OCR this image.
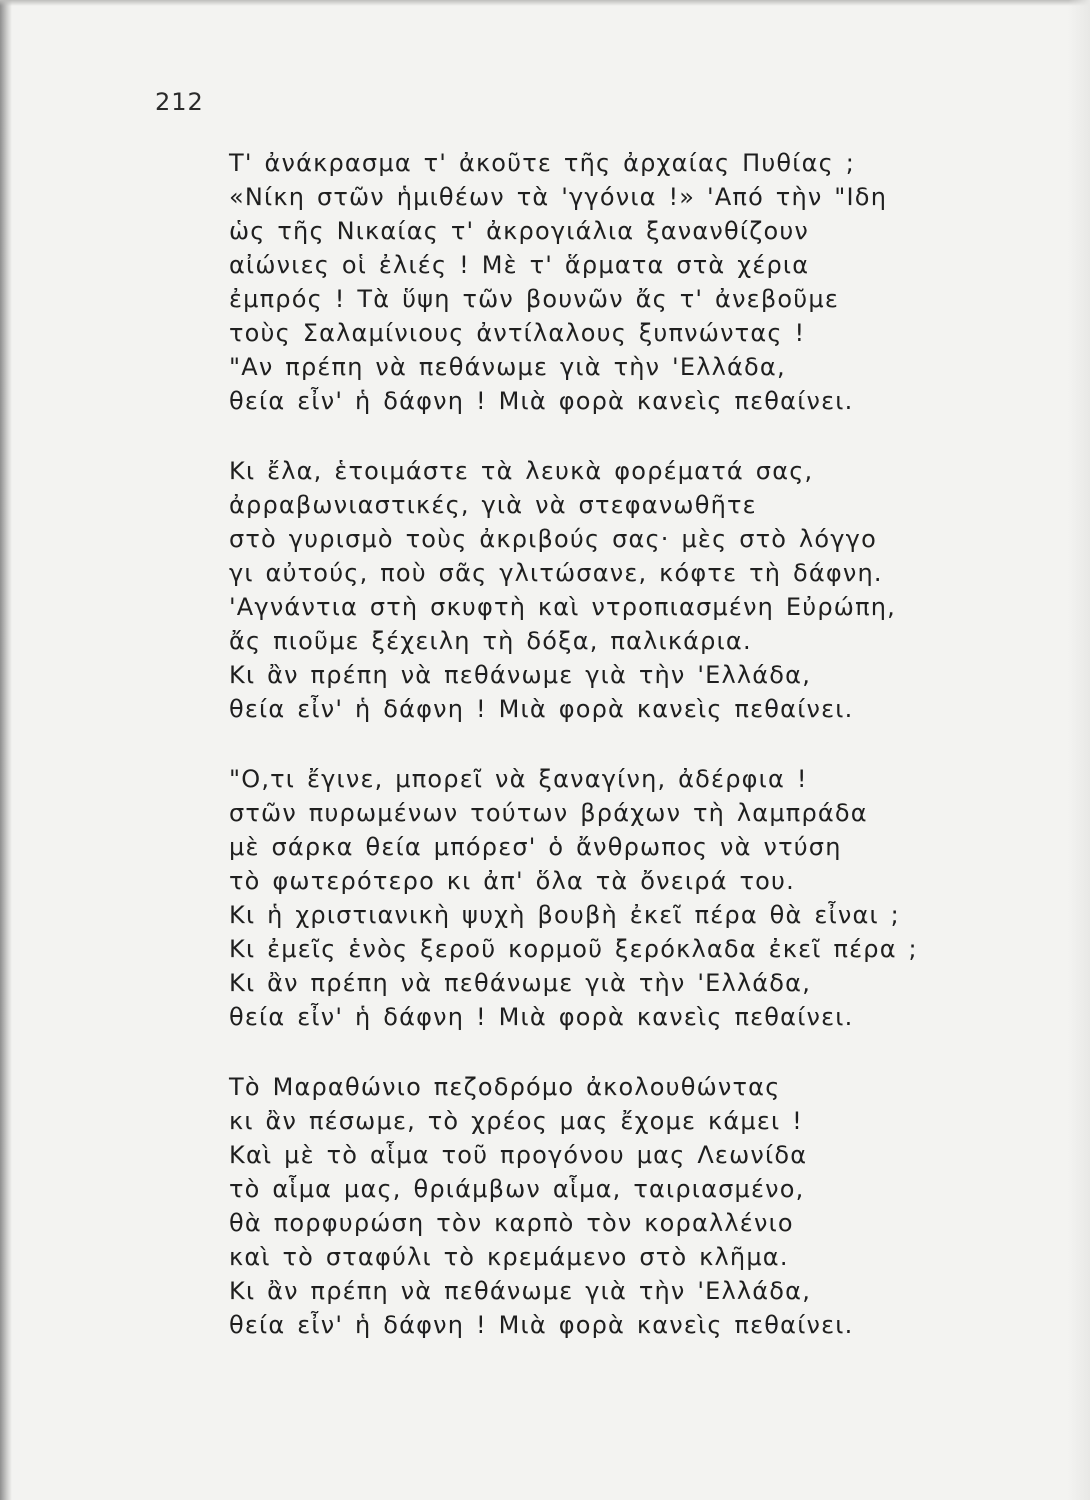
212
Τ' ἀνάκρασμα τ' ἀκοῦτε τῆς ἀρχαίας Πυθίας ;
«Νίκη στῶν ἡμιθέων τὰ 'γγόνια !» 'Από τὴν "Ιδη
ὡς τῆς Νικαίας τ' ἀκρογιάλια ξανανθίζουν
αἰώνιες οἱ ἐλιές ! Μὲ τ' ἅρματα στὰ χέρια
ἐμπρός ! Τὰ ὕψη τῶν βουνῶν ἄς τ' ἀνεβοῦμε
τοὺς Σαλαμίνιους ἀντίλαλους ξυπνώντας !
"Αν πρέπη νὰ πεθάνωμε γιὰ τὴν 'Ελλάδα,
θεία εἶν' ἡ δάφνη ! Μιὰ φορὰ κανεὶς πεθαίνει.
Κι ἔλα, ἑτοιμάστε τὰ λευκὰ φορέματά σας,
ἀρραβωνιαστικές, γιὰ νὰ στεφανωθῆτε
στὸ γυρισμὸ τοὺς ἀκριβούς σας· μὲς στὸ λόγγο
γι αὐτούς, ποὺ σᾶς γλιτώσανε, κόφτε τὴ δάφνη.
'Αγνάντια στὴ σκυφτὴ καὶ ντροπιασμένη Εὐρώπη,
ἄς πιοῦμε ξέχειλη τὴ δόξα, παλικάρια.
Κι ἂν πρέπη νὰ πεθάνωμε γιὰ τὴν 'Ελλάδα,
θεία εἶν' ἡ δάφνη ! Μιὰ φορὰ κανεὶς πεθαίνει.
"Ο,τι ἔγινε, μπορεῖ νὰ ξαναγίνη, ἀδέρφια !
στῶν πυρωμένων τούτων βράχων τὴ λαμπράδα
μὲ σάρκα θεία μπόρεσ' ὁ ἄνθρωπος νὰ ντύση
τὸ φωτερότερο κι ἀπ' ὅλα τὰ ὄνειρά του.
Κι ἡ χριστιανικὴ ψυχὴ βουβὴ ἐκεῖ πέρα θὰ εἶναι ;
Κι ἐμεῖς ἑνὸς ξεροῦ κορμοῦ ξερόκλαδα ἐκεῖ πέρα ;
Κι ἂν πρέπη νὰ πεθάνωμε γιὰ τὴν 'Ελλάδα,
θεία εἶν' ἡ δάφνη ! Μιὰ φορὰ κανεὶς πεθαίνει.
Τὸ Μαραθώνιο πεζοδρόμο ἀκολουθώντας
κι ἂν πέσωμε, τὸ χρέος μας ἔχομε κάμει !
Καὶ μὲ τὸ αἷμα τοῦ προγόνου μας Λεωνίδα
τὸ αἷμα μας, θριάμβων αἷμα, ταιριασμένο,
θὰ πορφυρώση τὸν καρπὸ τὸν κοραλλένιο
καὶ τὸ σταφύλι τὸ κρεμάμενο στὸ κλῆμα.
Κι ἂν πρέπη νὰ πεθάνωμε γιὰ τὴν 'Ελλάδα,
θεία εἶν' ἡ δάφνη ! Μιὰ φορὰ κανεὶς πεθαίνει.
